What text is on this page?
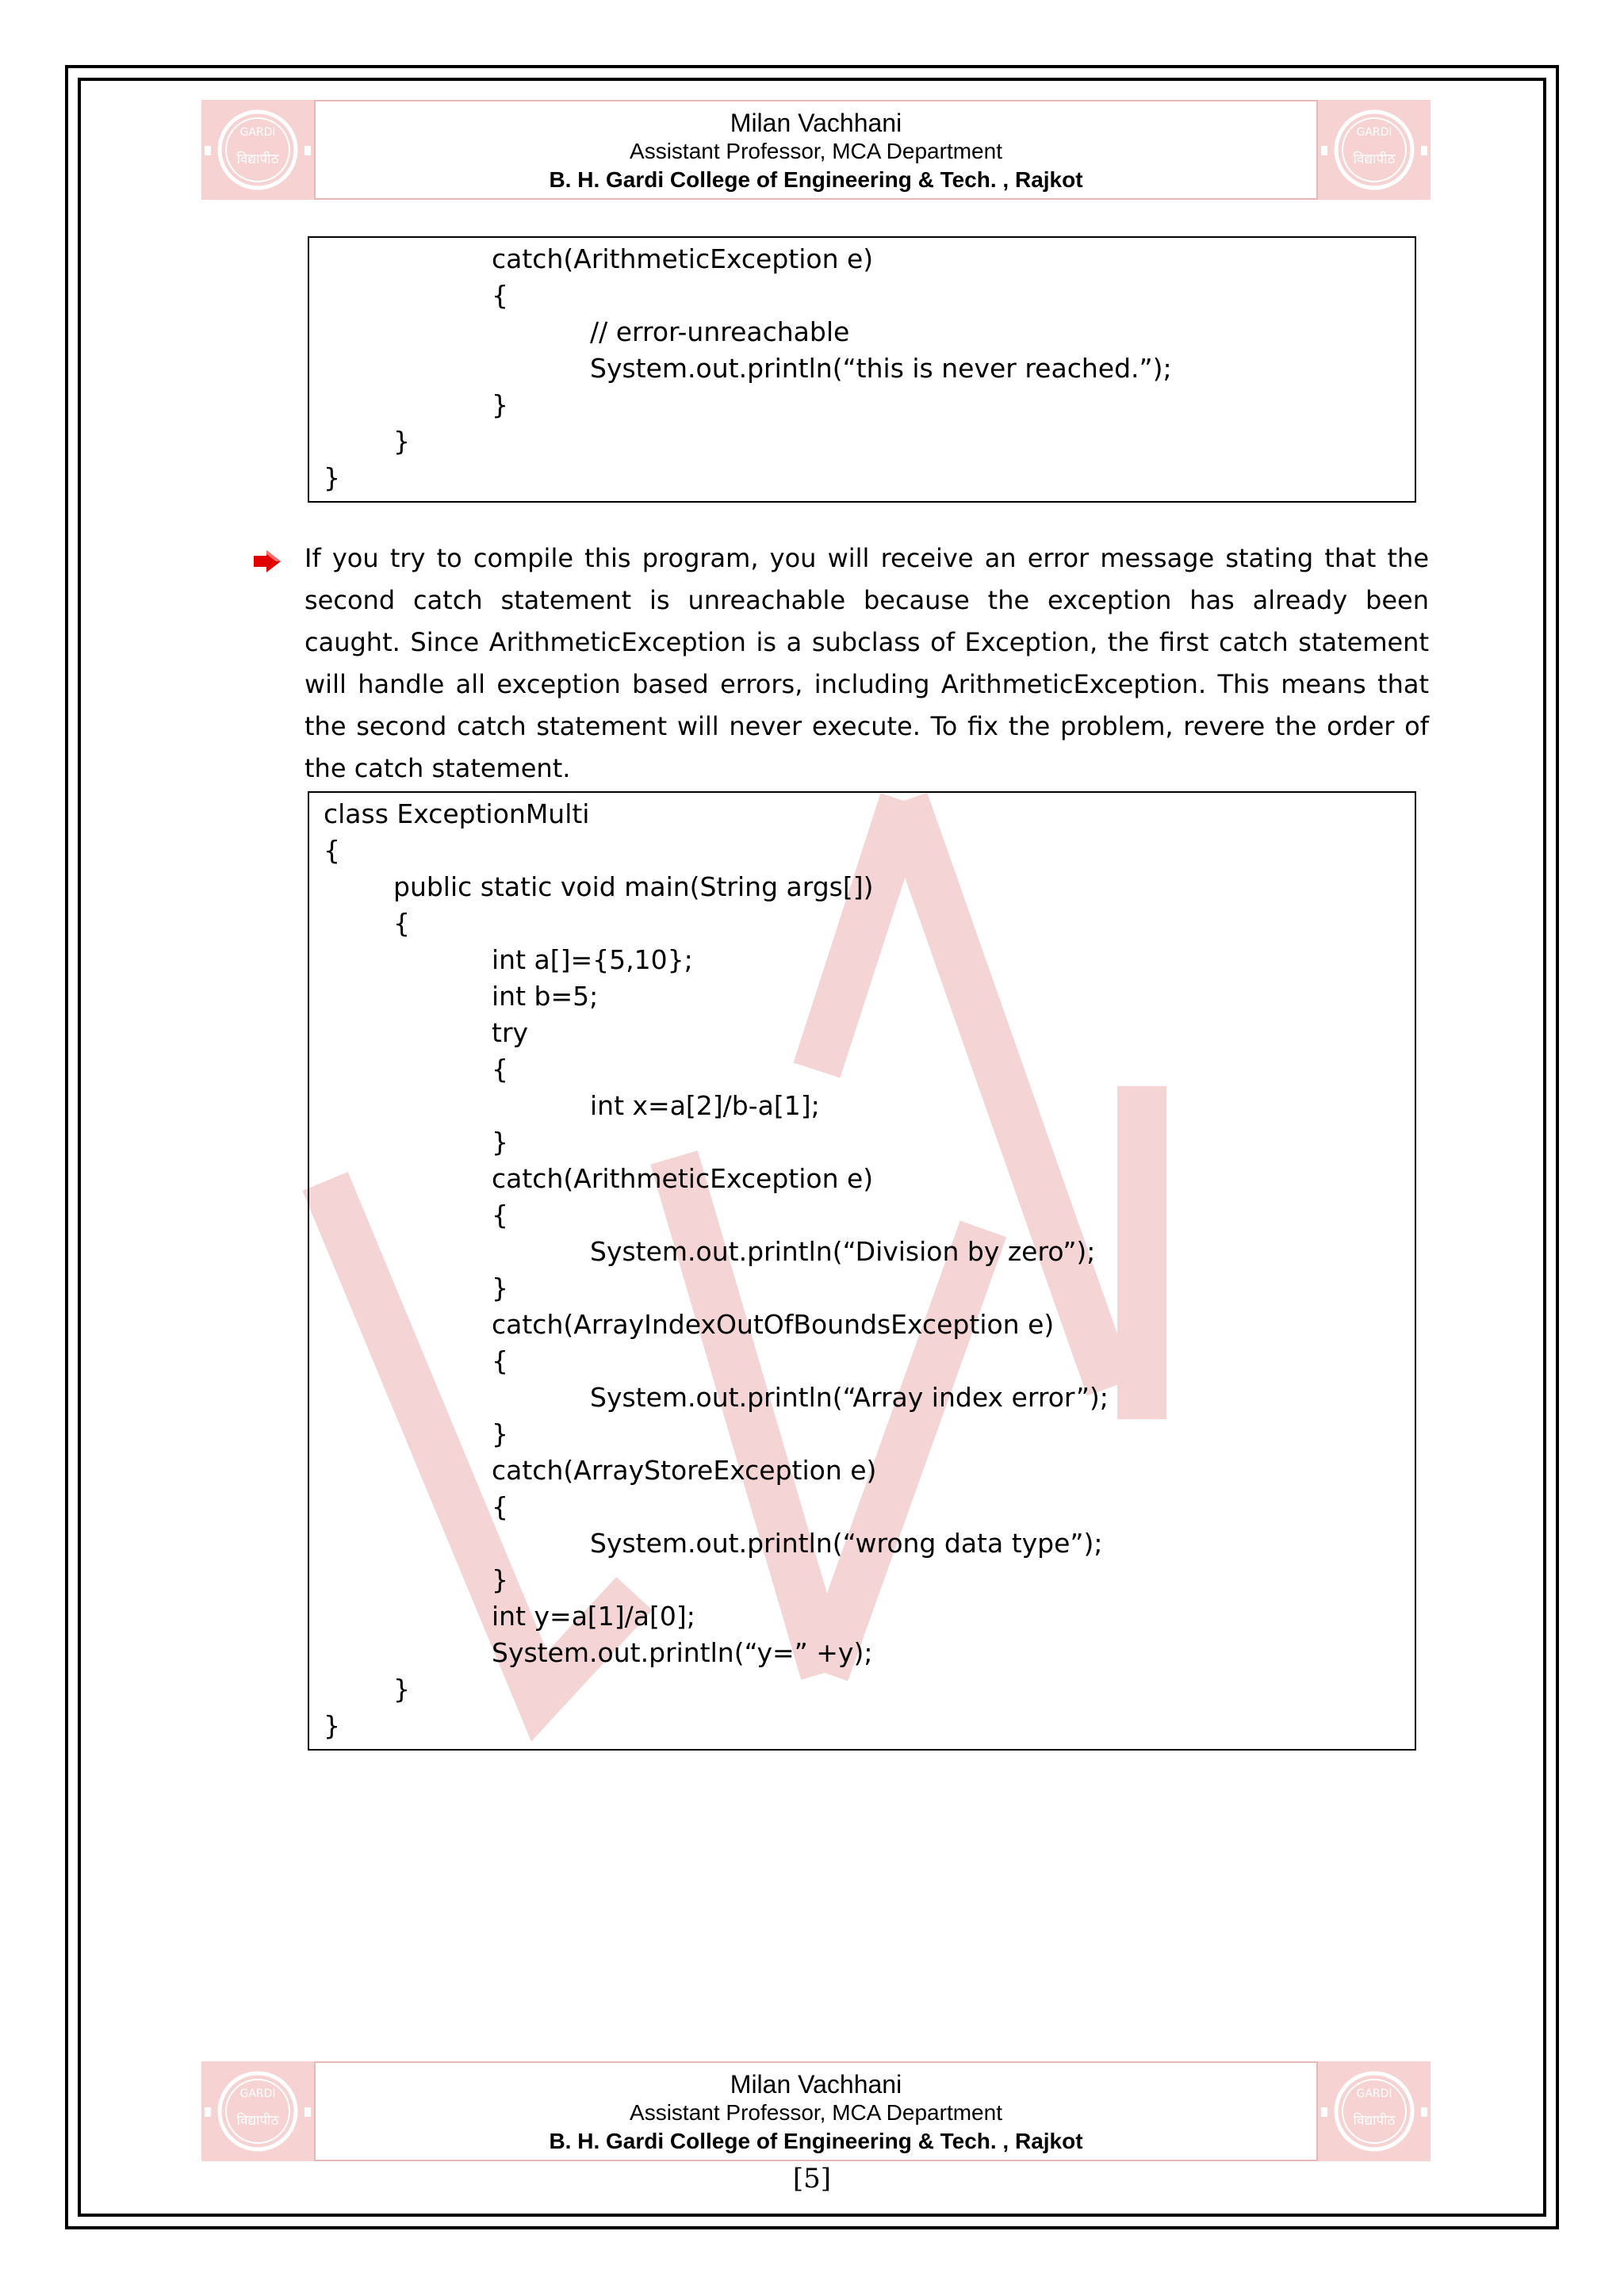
GARDI
विद्यापीठ
Milan Vachhani
Assistant Professor, MCA Department
B. H. Gardi College of Engineering & Tech. , Rajkot
GARDI
विद्यापीठ
catch(ArithmeticException e)
{
// error-unreachable
System.out.println(“this is never reached.”);
}
}
}
If you try to compile this program, you will receive an error message stating that the second catch statement is unreachable because the exception has already been caught. Since ArithmeticException is a subclass of Exception, the first catch statement will handle all exception based errors, including ArithmeticException. This means that the second catch statement will never execute. To fix the problem, revere the order of the catch statement.
class ExceptionMulti
{
public static void main(String args[])
{
int a[]={5,10};
int b=5;
try
{
int x=a[2]/b-a[1];
}
catch(ArithmeticException e)
{
System.out.println(“Division by zero”);
}
catch(ArrayIndexOutOfBoundsException e)
{
System.out.println(“Array index error”);
}
catch(ArrayStoreException e)
{
System.out.println(“wrong data type”);
}
int y=a[1]/a[0];
System.out.println(“y=” +y);
}
}
GARDI
विद्यापीठ
Milan Vachhani
Assistant Professor, MCA Department
B. H. Gardi College of Engineering & Tech. , Rajkot
GARDI
विद्यापीठ
[5]
